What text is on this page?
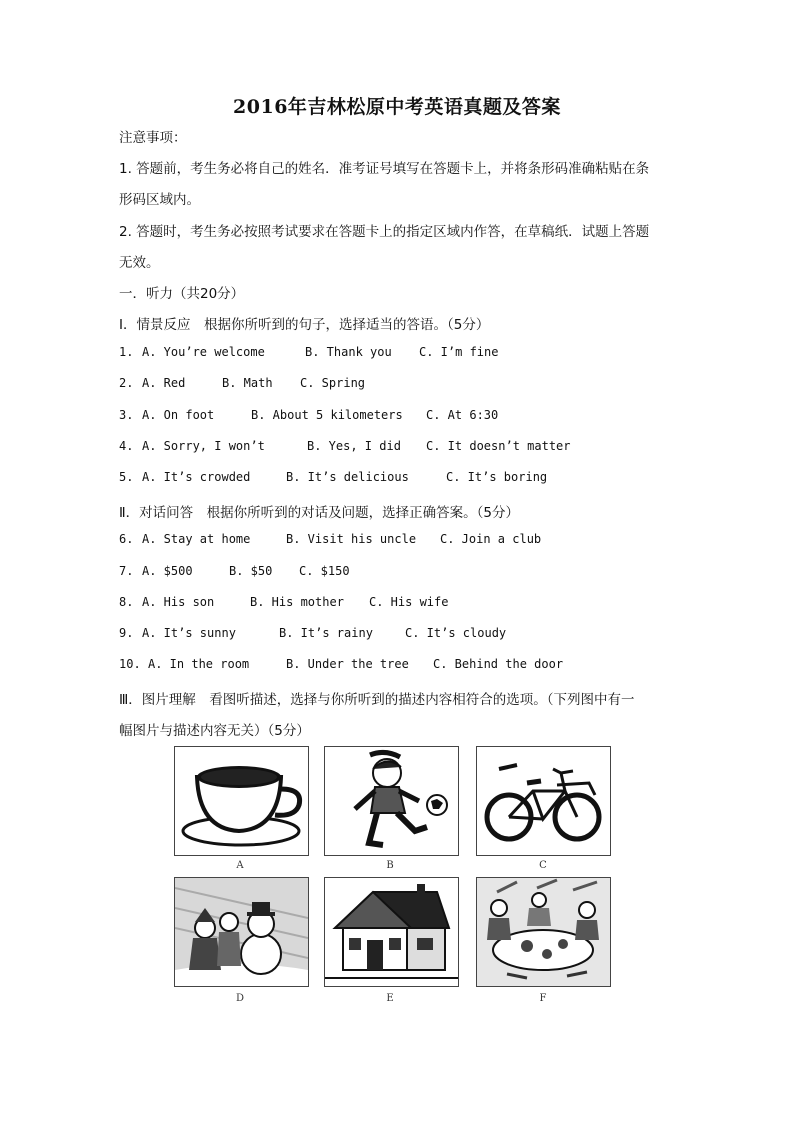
2016年吉林松原中考英语真题及答案
注意事项：
1. 答题前，考生务必将自己的姓名．准考证号填写在答题卡上，并将条形码准确粘贴在条
形码区域内。
2. 答题时，考生务必按照考试要求在答题卡上的指定区域内作答，在草稿纸．试题上答题
无效。
一．听力（共20分）
Ⅰ．情景反应　根据你所听到的句子，选择适当的答语。（5分）
1. A. You’re welcome	B. Thank you C. I’m fine
2. A. Red	B. Math C. Spring
3. A. On foot	B. About 5 kilometers C. At 6:30
4. A. Sorry, I won’t	B. Yes, I did C. It doesn’t matter
5. A. It’s crowded	B. It’s delicious	C. It’s boring
Ⅱ．对话问答　根据你所听到的对话及问题，选择正确答案。（5分）
6. A. Stay at home	B. Visit his uncle C. Join a club
7. A. $500	B. $50 C. $150
8. A. His son	B. His mother C. His wife
9. A. It’s sunny	B. It’s rainy	C. It’s cloudy
10. A. In the room	B. Under the tree C. Behind the door
Ⅲ．图片理解　看图听描述，选择与你所听到的描述内容相符合的选项。（下列图中有一
幅图片与描述内容无关）（5分）
A	B	C
D	E	F
